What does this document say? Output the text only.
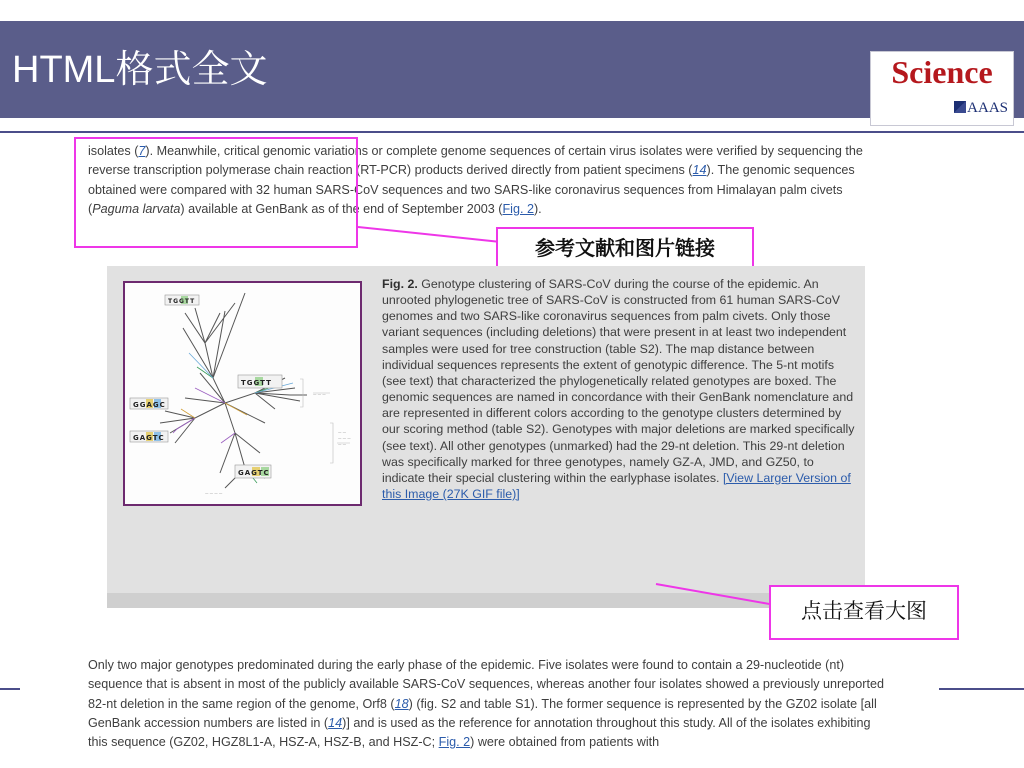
HTML格式全文	Science
AAAS

isolates (7). Meanwhile, critical genomic variations or complete genome sequences of certain virus isolates were verified by sequencing the reverse transcription polymerase chain reaction (RT-PCR) products derived directly from patient specimens (14). The genomic sequences obtained were compared with 32 human SARS-CoV sequences and two SARS-like coronavirus sequences from Himalayan palm civets (Paguma larvata) available at GenBank as of the end of September 2003 (Fig. 2).

参考文献和图片链接
— — —
— —
— — —
— —
— — — —
TGGTT
TGGTT
GGAGC
GAGTC
GAGTC

Fig. 2. Genotype clustering of SARS-CoV during the course of the epidemic. An unrooted phylogenetic tree of SARS-CoV is constructed from 61 human SARS-CoV genomes and two SARS-like coronavirus sequences from palm civets. Only those variant sequences (including deletions) that were present in at least two independent samples were used for tree construction (table S2). The map distance between individual sequences represents the extent of genotypic difference. The 5-nt motifs (see text) that characterized the phylogenetically related genotypes are boxed. The genomic sequences are named in concordance with their GenBank nomenclature and are represented in different colors according to the genotype clusters determined by our scoring method (table S2). Genotypes with major deletions are marked specifically (see text). All other genotypes (unmarked) had the 29-nt deletion. This 29-nt deletion was specifically marked for three genotypes, namely GZ-A, JMD, and GZ50, to indicate their special clustering within the earlyphase isolates. [View Larger Version of this Image (27K GIF file)]

点击查看大图

Only two major genotypes predominated during the early phase of the epidemic. Five isolates were found to contain a 29-nucleotide (nt) sequence that is absent in most of the publicly available SARS-CoV sequences, whereas another four isolates showed a previously unreported 82-nt deletion in the same region of the genome, Orf8 (18) (fig. S2 and table S1). The former sequence is represented by the GZ02 isolate [all GenBank accession numbers are listed in (14)] and is used as the reference for annotation throughout this study. All of the isolates exhibiting this sequence (GZ02, HGZ8L1-A, HSZ-A, HSZ-B, and HSZ-C; Fig. 2) were obtained from patients with
